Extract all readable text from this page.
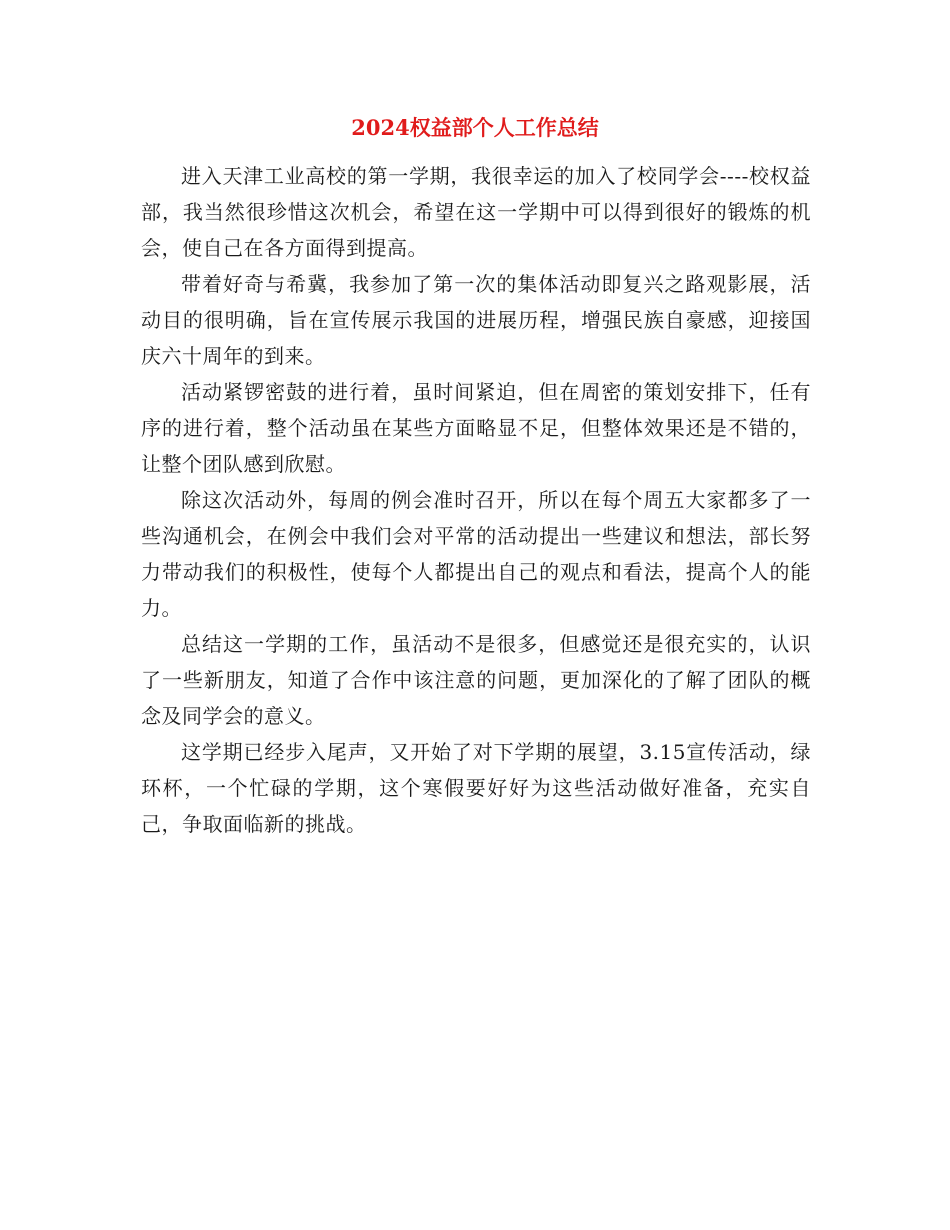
2024权益部个人工作总结

进入天津工业高校的第一学期，我很幸运的加入了校同学会----校权益部，我当然很珍惜这次机会，希望在这一学期中可以得到很好的锻炼的机会，使自己在各方面得到提高。

带着好奇与希冀，我参加了第一次的集体活动即复兴之路观影展，活动目的很明确，旨在宣传展示我国的进展历程，增强民族自豪感，迎接国庆六十周年的到来。

活动紧锣密鼓的进行着，虽时间紧迫，但在周密的策划安排下，任有序的进行着，整个活动虽在某些方面略显不足，但整体效果还是不错的，让整个团队感到欣慰。

除这次活动外，每周的例会准时召开，所以在每个周五大家都多了一些沟通机会，在例会中我们会对平常的活动提出一些建议和想法，部长努力带动我们的积极性，使每个人都提出自己的观点和看法，提高个人的能力。

总结这一学期的工作，虽活动不是很多，但感觉还是很充实的，认识了一些新朋友，知道了合作中该注意的问题，更加深化的了解了团队的概念及同学会的意义。

这学期已经步入尾声，又开始了对下学期的展望，3.15宣传活动，绿环杯，一个忙碌的学期，这个寒假要好好为这些活动做好准备，充实自己，争取面临新的挑战。
